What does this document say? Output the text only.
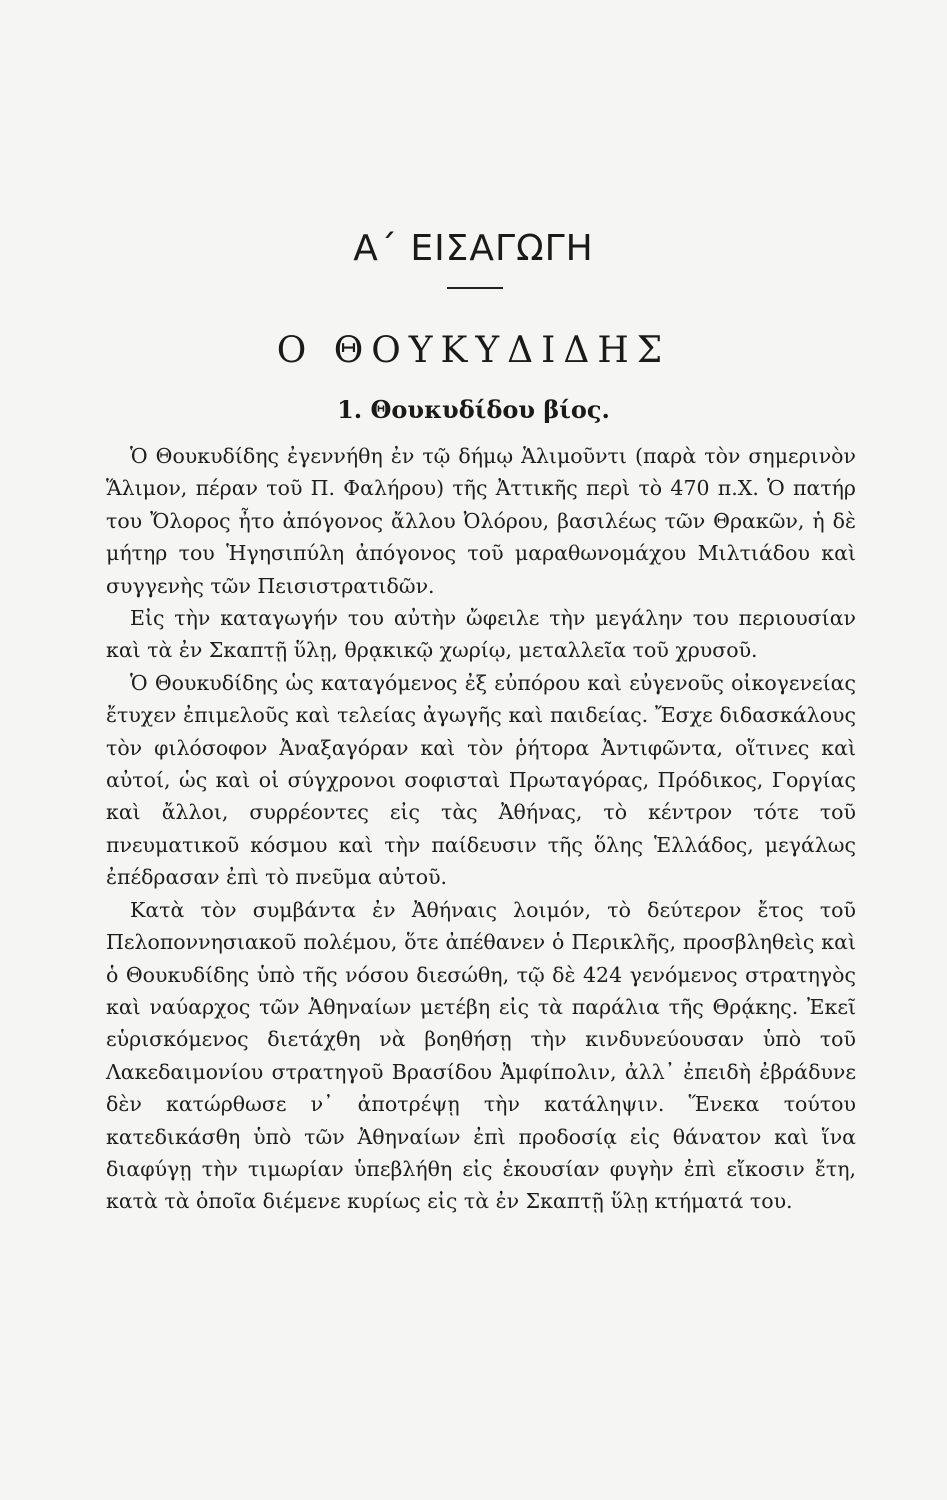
Α΄ ΕΙΣΑΓΩΓΗ
Ο ΘΟΥΚΥΔΙΔΗΣ
1. Θουκυδίδου βίος.

Ὁ Θουκυδίδης ἐγεννήθη ἐν τῷ δήμῳ Ἁλιμοῦντι (παρὰ τὸν σημερινὸν Ἅλιμον, πέραν τοῦ Π. Φαλήρου) τῆς Ἀττικῆς περὶ τὸ 470 π.Χ. Ὁ πατήρ του Ὄλορος ἦτο ἀπόγονος ἄλλου Ὀλόρου, βασιλέως τῶν Θρακῶν, ἡ δὲ μήτηρ του Ἡγησιπύλη ἀπόγονος τοῦ μαραθωνομάχου Μιλτιάδου καὶ συγγενὴς τῶν Πεισιστρατιδῶν.

Εἰς τὴν καταγωγήν του αὐτὴν ὤφειλε τὴν μεγάλην του περιουσίαν καὶ τὰ ἐν Σκαπτῇ ὕλῃ, θρᾳκικῷ χωρίῳ, μεταλλεῖα τοῦ χρυσοῦ.

Ὁ Θουκυδίδης ὡς καταγόμενος ἐξ εὐπόρου καὶ εὐγενοῦς οἰκογενείας ἔτυχεν ἐπιμελοῦς καὶ τελείας ἀγωγῆς καὶ παιδείας. Ἔσχε διδασκάλους τὸν φιλόσοφον Ἀναξαγόραν καὶ τὸν ῥήτορα Ἀντιφῶντα, οἵτινες καὶ αὐτοί, ὡς καὶ οἱ σύγχρονοι σοφισταὶ Πρωταγόρας, Πρόδικος, Γοργίας καὶ ἄλλοι, συρρέοντες εἰς τὰς Ἀθήνας, τὸ κέντρον τότε τοῦ πνευματικοῦ κόσμου καὶ τὴν παίδευσιν τῆς ὅλης Ἑλλάδος, μεγάλως ἐπέδρασαν ἐπὶ τὸ πνεῦμα αὐτοῦ.

Κατὰ τὸν συμβάντα ἐν Ἀθήναις λοιμόν, τὸ δεύτερον ἔτος τοῦ Πελοποννησιακοῦ πολέμου, ὅτε ἀπέθανεν ὁ Περικλῆς, προσβληθεὶς καὶ ὁ Θουκυδίδης ὑπὸ τῆς νόσου διεσώθη, τῷ δὲ 424 γενόμενος στρατηγὸς καὶ ναύαρχος τῶν Ἀθηναίων μετέβη εἰς τὰ παράλια τῆς Θρᾴκης. Ἐκεῖ εὑρισκόμενος διετάχθη νὰ βοηθήσῃ τὴν κινδυνεύουσαν ὑπὸ τοῦ Λακεδαιμονίου στρατηγοῦ Βρασίδου Ἀμφίπολιν, ἀλλ᾽ ἐπειδὴ ἐβράδυνε δὲν κατώρθωσε ν᾽ ἀποτρέψῃ τὴν κατάληψιν. Ἕνεκα τούτου κατεδικάσθη ὑπὸ τῶν Ἀθηναίων ἐπὶ προδοσίᾳ εἰς θάνατον καὶ ἵνα διαφύγῃ τὴν τιμωρίαν ὑπεβλήθη εἰς ἑκουσίαν φυγὴν ἐπὶ εἴκοσιν ἔτη, κατὰ τὰ ὁποῖα διέμενε κυρίως εἰς τὰ ἐν Σκαπτῇ ὕλῃ κτήματά του.
